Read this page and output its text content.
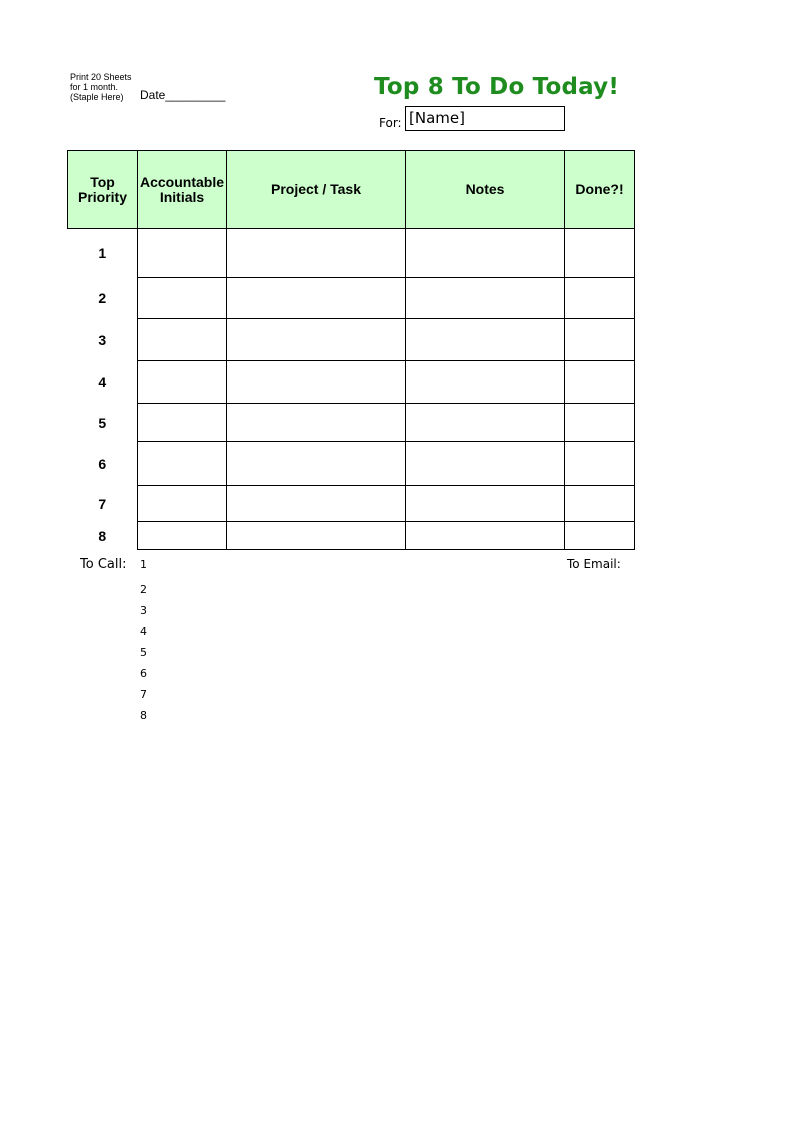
Print 20 Sheets
for 1 month.
(Staple Here)	Date_________	Top 8 To Do Today!
For: [Name]
Top Priority	Accountable Initials	Project / Task	Notes	Done?!
1				
2				
3				
4				
5				
6				
7				
8				
To Call:	To Email:
1
2
3
4
5
6
7
8
